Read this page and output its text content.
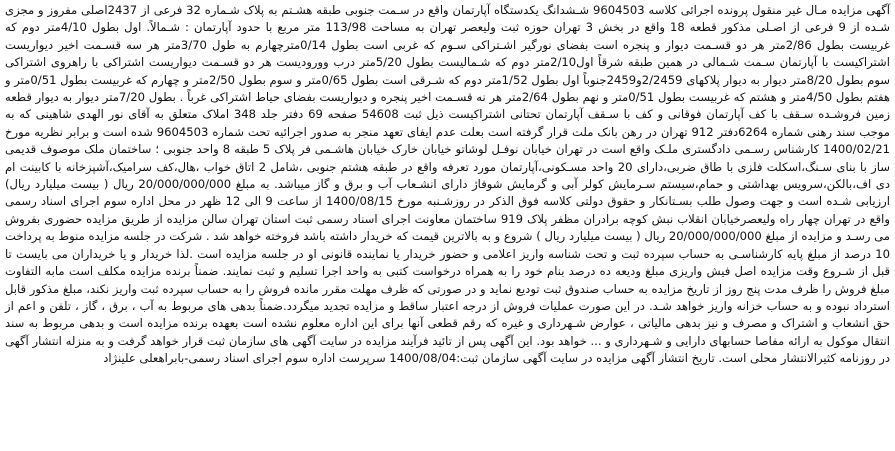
آگهی مزایده مـال غیر منقول پرونده اجرائی کلاسه 9604503 شـشدانگ یکدستگاه آپارتمان واقع در سـمت جنوبی طبقه هشـتم به پلاک شـماره 32 فرعی از 2437اصلی مفروز و مجزی شـده از 9 فرعی از اصـلی مذکور قطعه 18 واقع در بخش 3 تهران حوزه ثبت ولیعصر تهران به مساحت 113/98 متر مربع با حدود آپارتمان : شـمالاً. اول بطول 4/10متر دوم که غربیست بطول 2/86متر هر دو قسـمت دیوار و پنجره است بفضای نورگیر اشـتراکی سـوم که غربی است بطول 0/14مترچهارم به طول 3/70متر هر سه قسـمت اخیر دیواریست اشتراکیست با آپارتمان سـمت شـمالی در همین طبقه شرقاً اول2/10متر دوم که شـمالیست بطول 5/20متر درب وورودیست هر دو قسـمت دیواریست اشتراکی با راهروی اشتراکی سوم بطول 8/20متر دیوار به دیوار پلاکهای 2/2459و2459جنوباً اول بطول 1/52متر دوم که شـرقی است بطول 0/65متر و سوم بطول 2/50متر و چهارم که غربیست بطول 0/51متر و هفتم بطول 4/50متر و هشتم که غربیست بطول 0/51متر و نهم بطول 2/64متر هر نه قسـمت اخیر پنجره و دیواریست بفضای حیاط اشتراکی غرباً . بطول 7/20متر دیوار به دیوار قطعه زمین فروشـده سـقف با کف آپارتمان فوقانی و کف با سـقف آپارتمان تحتانی اشتراکیست ذیل ثبت 54608 صفحه 69 دفتر جلد 348 املاک متعلق به آقای نور الهدی شاهینی که به موجب سند رهنی شماره 6264دفتر 912 تهران در رهن بانک ملت قرار گرفته است بعلت عدم ایفای تعهد منجر به صدور اجرائیه تحت شماره 9604503 شده است و برابر نظریه مورخ 1400/02/21 کارشناس رسـمی دادگستری ملـک واقع است در تهران خیابان نوفـل لوشاتو خیابان خارک خیابان هاشـمی فر پلاک 5 طبقه 8 واحد جنوبی ؛ ساختمان ملک موصوف قدیمی ساز با بنای سـنگ،اسکلت فلزی با طاق ضربی،دارای 20 واحد مسـکونی،آپارتمان مورد تعرفه واقع در طبقه هشتم جنوبی ،شامل 2 اتاق خواب ،هال،کف سرامیک،آشپزخانه با کابینت ام دی اف،بالکن،سرویس بهداشتی و حمام،سیستم سـرمایش کولر آبی و گرمایش شوفاژ دارای انشـعاب آب و برق و گاز میباشد. به مبلغ 20/000/000/000 ریال ( بیست میلیارد ریال) ارزیابی شـده است و جهت وصول طلب بسـتانکار و حقوق دولتی کلاسه فوق الذکر در روزشـنبه مورخ 1400/08/15 از ساعت 9 الی 12 ظهر در محل اداره سوم اجرای اسناد رسمی واقع در تهران چهار راه ولیعصرخیابان انقلاب نبش کوچه برادران مظفر پلاک 919 ساختمان معاونت اجرای اسناد رسمی ثبت استان تهران سالن مزایده از طریق مزایده حضوری بفروش می رسـد و مزایده از مبلغ 20/000/000/000 ریال ( بیست میلیارد ریال ) شروع و به بالاترین قیمت که خریدار داشته باشد فروخته خواهد شد . شرکت در جلسه مزایده منوط به پرداخت 10 درصد از مبلغ پایه کارشناسـی به حساب سپرده ثبت و تحت شناسه واریز اعلامی و حضور خریدار یا نماینده قانونی او در جلسه مزایده است .لذا خریدار و یا خریداران می بایست تا قبل از شـروع وقت مزایده اصل فیش واریزی مبلغ ودیعه ده درصد بنام خود را به همراه درخواست کتبی به واحد اجرا تسلیم و ثبت نمایند. ضمناً برنده مزایده مکلف است مابه التفاوت مبلغ فروش را ظرف مدت پنج روز از تاریخ مزایده به حساب صندوق ثبت تودیع نماید و در صورتی که ظرف مهلت مقرر مانده فروش را به حساب سپرده ثبت واریز نکند، مبلغ مذکور قابل استرداد نبوده و به حساب خزانه واریز خواهد شـد. در این صورت عملیات فروش از درجه اعتبار ساقط و مزایده تجدید میگردد.ضمناً بدهی های مربوط به آب ، برق ، گاز ، تلفن و اعم از حق انشعاب و اشتراک و مصرف و نیز بدهی مالیاتی ، عوارض شـهرداری و غیره که رقم قطعی آنها برای این اداره معلوم نشده است بعهده برنده مزایده است و بدهی مربوط به سند انتقال موکول به ارائه مفاصا حسابهای دارایی و شـهرداری و ... خواهد بود. این آگهی پس از تائید فرآیند مزایده در سایت آگهی های سازمان ثبت قرار خواهد گرفت و به منزله انتشار آگهی در روزنامه کثیرالانتشار محلی است. تاریخ انتشار آگهی مزایده در سایت آگهی سازمان ثبت:1400/08/04 سرپرست اداره سوم اجرای اسناد رسمی-بابراهعلی علینژاد
